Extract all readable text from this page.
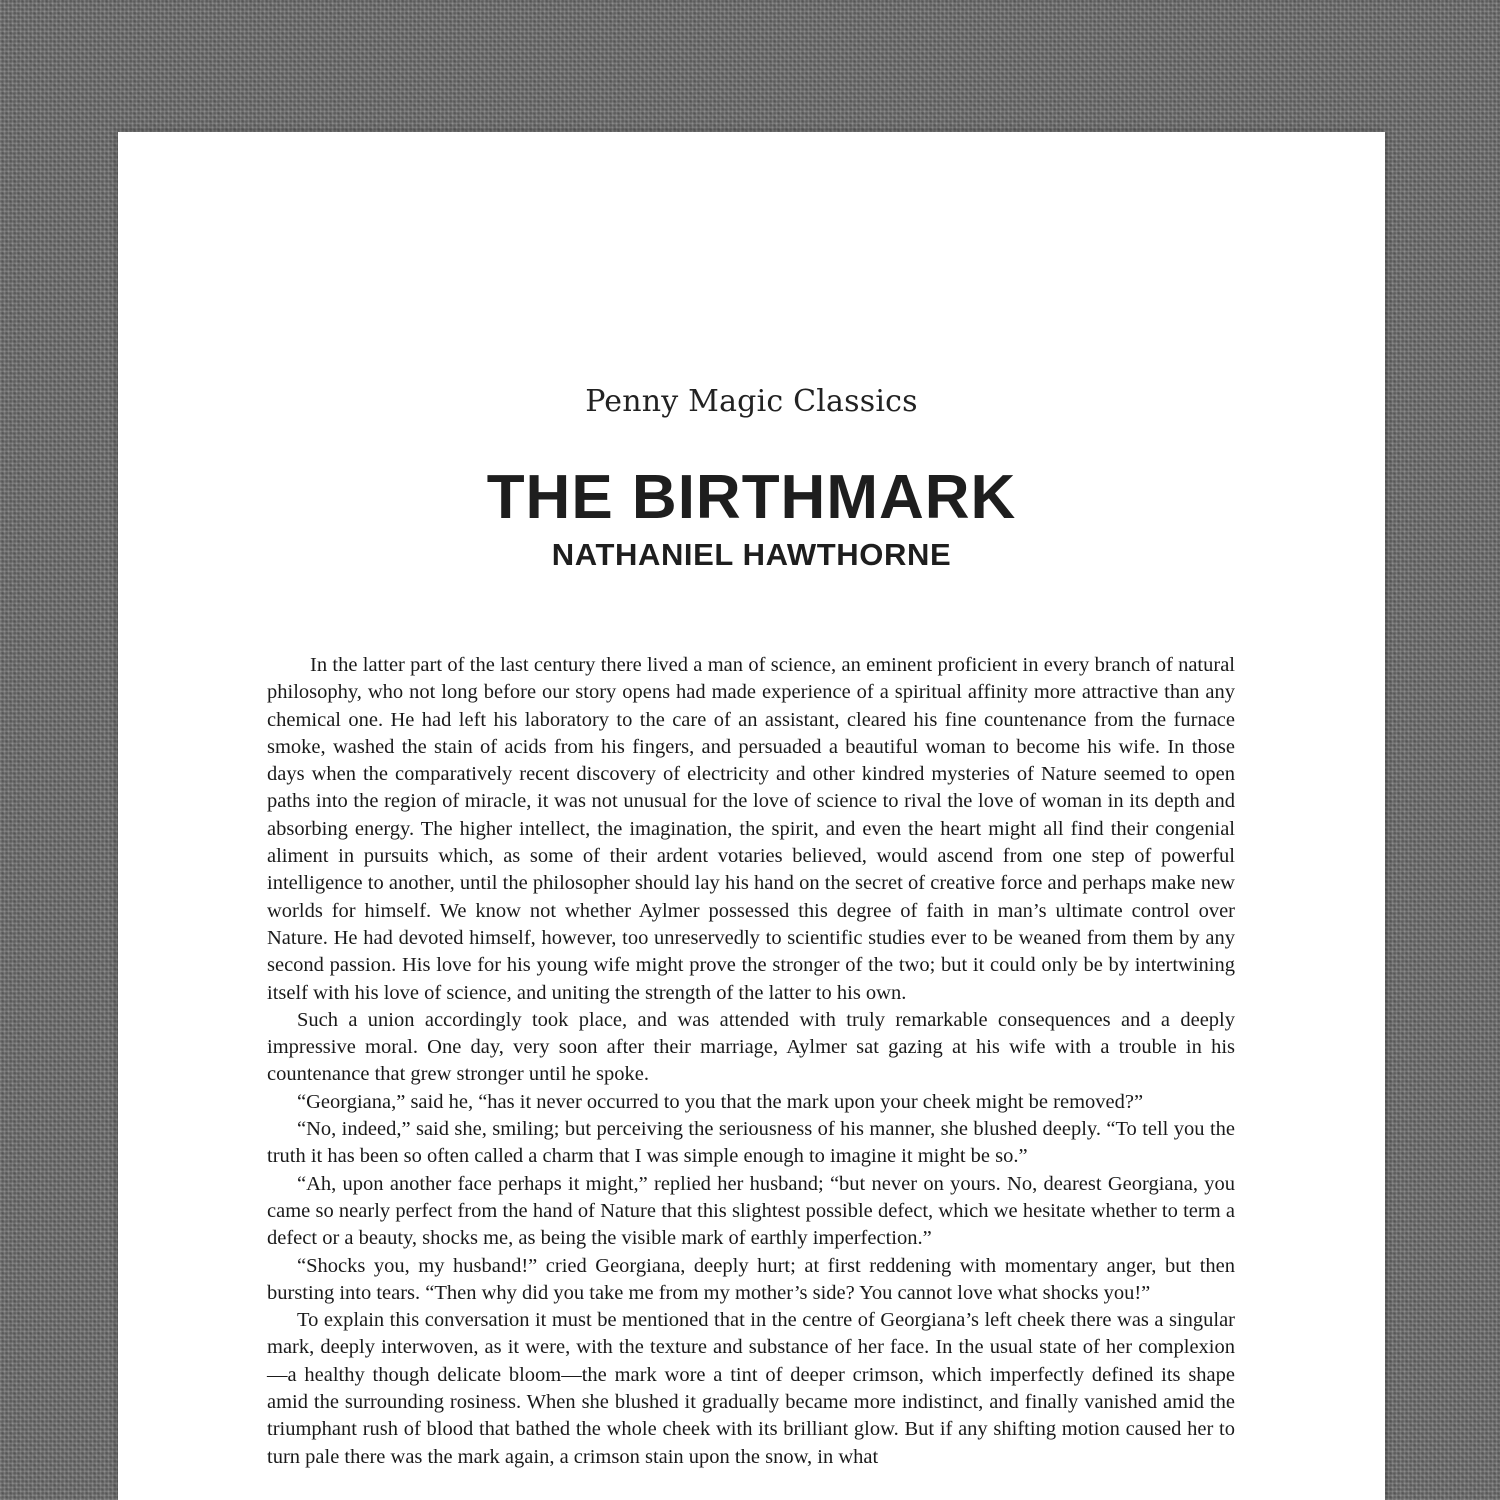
Penny Magic Classics
THE BIRTHMARK
NATHANIEL HAWTHORNE

In the latter part of the last century there lived a man of science, an eminent proficient in every branch of natural philosophy, who not long before our story opens had made experience of a spiritual affinity more attractive than any chemical one. He had left his laboratory to the care of an assistant, cleared his fine countenance from the furnace smoke, washed the stain of acids from his fingers, and persuaded a beautiful woman to become his wife. In those days when the comparatively recent discovery of electricity and other kindred mysteries of Nature seemed to open paths into the region of miracle, it was not unusual for the love of science to rival the love of woman in its depth and absorbing energy. The higher intellect, the imagination, the spirit, and even the heart might all find their congenial aliment in pursuits which, as some of their ardent votaries believed, would ascend from one step of powerful intelligence to another, until the philosopher should lay his hand on the secret of creative force and perhaps make new worlds for himself. We know not whether Aylmer possessed this degree of faith in man’s ultimate control over Nature. He had devoted himself, however, too unreservedly to scientific studies ever to be weaned from them by any second passion. His love for his young wife might prove the stronger of the two; but it could only be by intertwining itself with his love of science, and uniting the strength of the latter to his own.

Such a union accordingly took place, and was attended with truly remarkable consequences and a deeply impressive moral. One day, very soon after their marriage, Aylmer sat gazing at his wife with a trouble in his countenance that grew stronger until he spoke.

“Georgiana,” said he, “has it never occurred to you that the mark upon your cheek might be removed?”

“No, indeed,” said she, smiling; but perceiving the seriousness of his manner, she blushed deeply. “To tell you the truth it has been so often called a charm that I was simple enough to imagine it might be so.”

“Ah, upon another face perhaps it might,” replied her husband; “but never on yours. No, dearest Georgiana, you came so nearly perfect from the hand of Nature that this slightest possible defect, which we hesitate whether to term a defect or a beauty, shocks me, as being the visible mark of earthly imperfection.”

“Shocks you, my husband!” cried Georgiana, deeply hurt; at first reddening with momentary anger, but then bursting into tears. “Then why did you take me from my mother’s side? You cannot love what shocks you!”

To explain this conversation it must be mentioned that in the centre of Georgiana’s left cheek there was a singular mark, deeply interwoven, as it were, with the texture and substance of her face. In the usual state of her complexion—a healthy though delicate bloom—the mark wore a tint of deeper crimson, which imperfectly defined its shape amid the surrounding rosiness. When she blushed it gradually became more indistinct, and finally vanished amid the triumphant rush of blood that bathed the whole cheek with its brilliant glow. But if any shifting motion caused her to turn pale there was the mark again, a crimson stain upon the snow, in what
